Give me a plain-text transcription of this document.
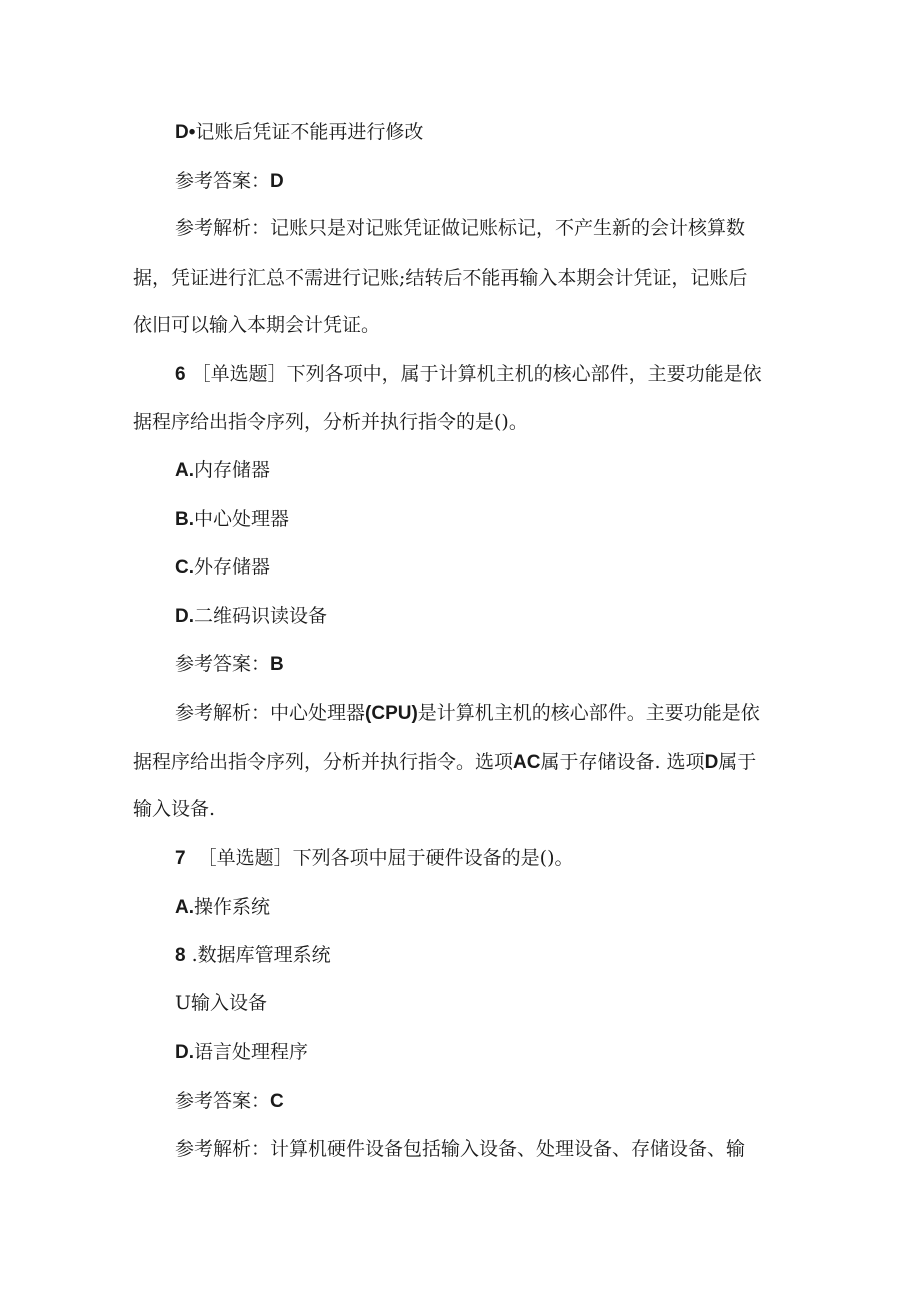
D•记账后凭证不能再进行修改
参考答案：D
参考解析：记账只是对记账凭证做记账标记，不产生新的会计核算数
据，凭证进行汇总不需进行记账;结转后不能再输入本期会计凭证，记账后
依旧可以输入本期会计凭证。
6 ［单选题］下列各项中，属于计算机主机的核心部件，主要功能是依
据程序给出指令序列，分析并执行指令的是()。
A.内存储器
B.中心处理器
C.外存储器
D.二维码识读设备
参考答案：B
参考解析：中心处理器(CPU)是计算机主机的核心部件。主要功能是依
据程序给出指令序列，分析并执行指令。选项AC属于存储设备. 选项D属于
输入设备.
7 ［单选题］下列各项中屈于硬件设备的是()。
A.操作系统
8 .数据库管理系统
U输入设备
D.语言处理程序
参考答案：C
参考解析：计算机硬件设备包括输入设备、处理设备、存储设备、输
